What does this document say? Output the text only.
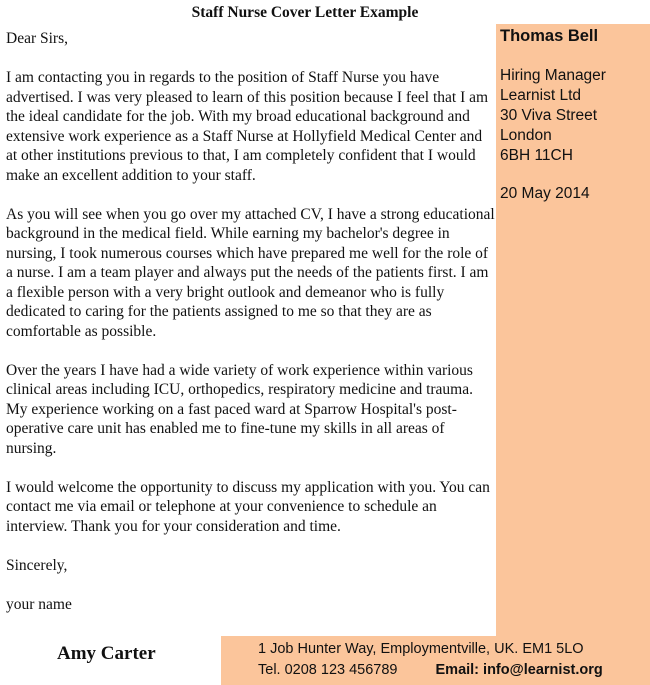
Staff Nurse Cover Letter Example

Dear Sirs,

I am contacting you in regards to the position of Staff Nurse you have advertised. I was very pleased to learn of this position because I feel that I am the ideal candidate for the job. With my broad educational background and extensive work experience as a Staff Nurse at Hollyfield Medical Center and at other institutions previous to that, I am completely confident that I would make an excellent addition to your staff.

As you will see when you go over my attached CV, I have a strong educational background in the medical field. While earning my bachelor's degree in nursing, I took numerous courses which have prepared me well for the role of a nurse. I am a team player and always put the needs of the patients first. I am a flexible person with a very bright outlook and demeanor who is fully dedicated to caring for the patients assigned to me so that they are as comfortable as possible.

Over the years I have had a wide variety of work experience within various clinical areas including ICU, orthopedics, respiratory medicine and trauma. My experience working on a fast paced ward at Sparrow Hospital's post-operative care unit has enabled me to fine-tune my skills in all areas of nursing.

I would welcome the opportunity to discuss my application with you. You can contact me via email or telephone at your convenience to schedule an interview. Thank you for your consideration and time.

Sincerely,
your name
Amy Carter
Thomas Bell
Hiring Manager
Learnist Ltd
30 Viva Street
London
6BH 11CH
20 May 2014
1 Job Hunter Way, Employmentville, UK. EM1 5LO
Tel. 0208 123 456789	Email: info@learnist.org
